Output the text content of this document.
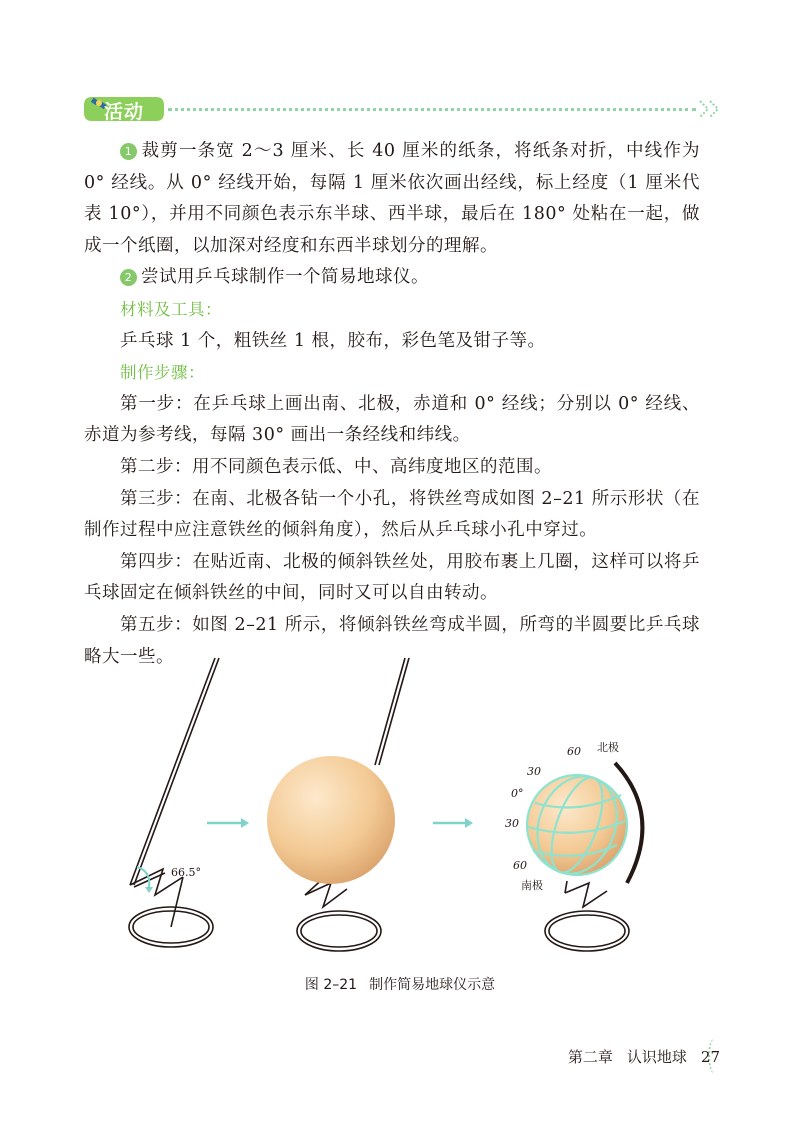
活动

1 裁剪一条宽 2～3 厘米、长 40 厘米的纸条，将纸条对折，中线作为 0° 经线。从 0° 经线开始，每隔 1 厘米依次画出经线，标上经度（1 厘米代表 10°），并用不同颜色表示东半球、西半球，最后在 180° 处粘在一起，做成一个纸圈，以加深对经度和东西半球划分的理解。

2 尝试用乒乓球制作一个简易地球仪。

材料及工具：

乒乓球 1 个，粗铁丝 1 根，胶布，彩色笔及钳子等。

制作步骤：

第一步：在乒乓球上画出南、北极，赤道和 0° 经线；分别以 0° 经线、赤道为参考线，每隔 30° 画出一条经线和纬线。

第二步：用不同颜色表示低、中、高纬度地区的范围。

第三步：在南、北极各钻一个小孔，将铁丝弯成如图 2–21 所示形状（在制作过程中应注意铁丝的倾斜角度），然后从乒乓球小孔中穿过。

第四步：在贴近南、北极的倾斜铁丝处，用胶布裹上几圈，这样可以将乒乓球固定在倾斜铁丝的中间，同时又可以自由转动。

第五步：如图 2–21 所示，将倾斜铁丝弯成半圆，所弯的半圆要比乒乓球略大一些。

66.5°
北极
60
30
0°
30
60
南极
图 2–21 制作简易地球仪示意
第二章 认识地球 27
